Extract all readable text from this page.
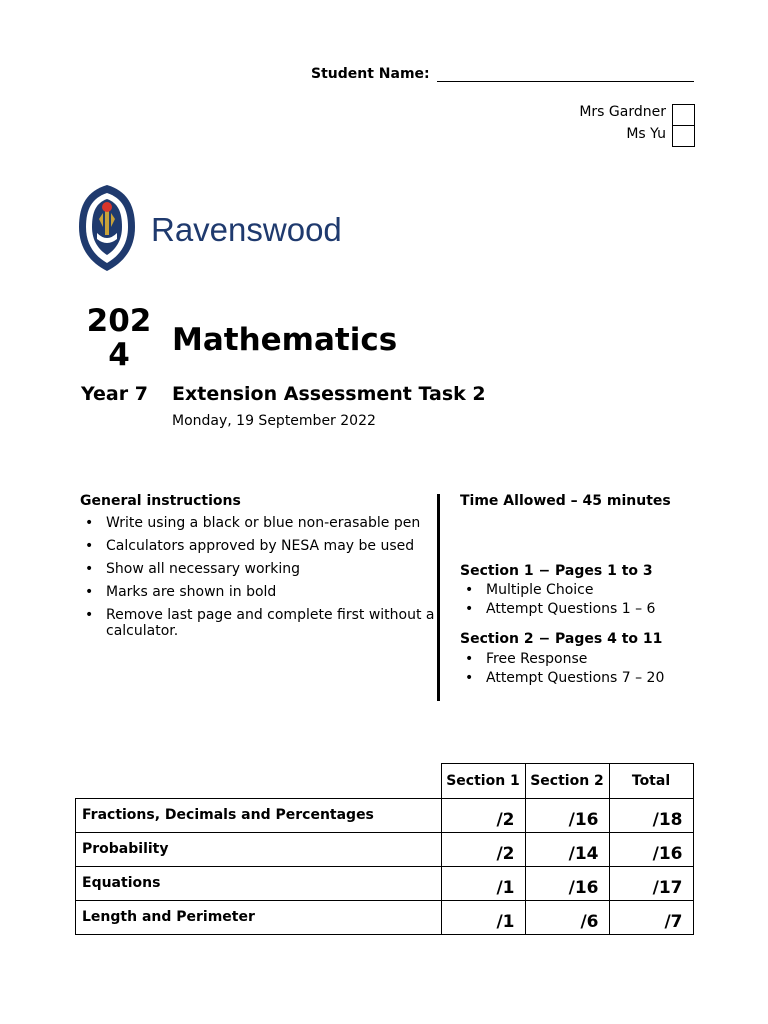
Student Name:
Mrs Gardner
Ms Yu
Ravenswood
2024	Mathematics
Year 7 Extension Assessment Task 2
Monday, 19 September 2022
General instructions
• Write using a black or blue non‐erasable pen
• Calculators approved by NESA may be used
• Show all necessary working
• Marks are shown in bold
• Remove last page and complete first without a calculator.
Time Allowed – 45 minutes
Section 1 − Pages 1 to 3
• Multiple Choice
• Attempt Questions 1 – 6
Section 2 − Pages 4 to 11
• Free Response
• Attempt Questions 7 – 20
	Section 1	Section 2	Total
Fractions, Decimals and Percentages	/2	/16	/18
Probability	/2	/14	/16
Equations	/1	/16	/17
Length and Perimeter	/1	/6	/7
